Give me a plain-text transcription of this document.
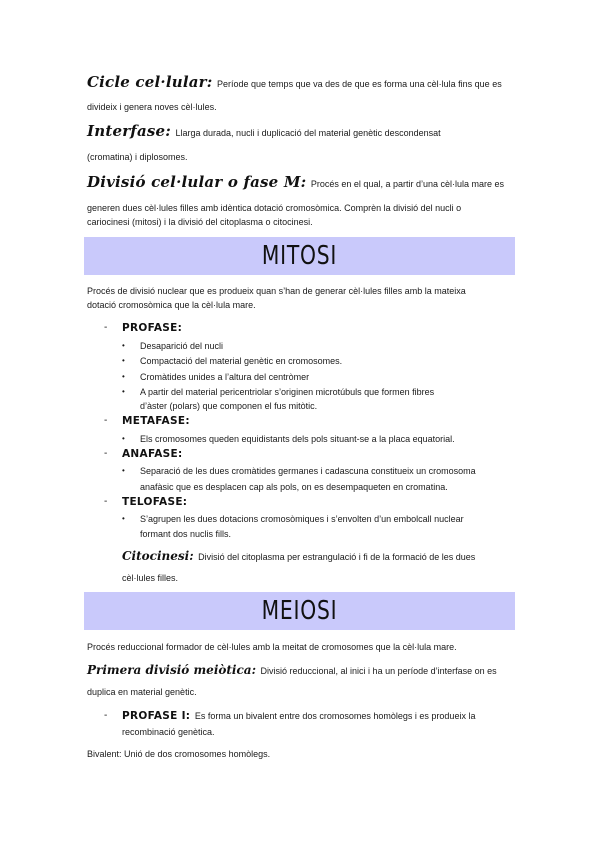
Cicle cel·lular: Període que temps que va des de que es forma una cèl·lula fins que es
divideix i genera noves cèl·lules.
Interfase: Llarga durada, nucli i duplicació del material genètic descondensat
(cromatina) i diplosomes.
Divisió cel·lular o fase M: Procés en el qual, a partir d’una cèl·lula mare es
generen dues cèl·lules filles amb idèntica dotació cromosòmica. Comprèn la divisió del nucli o
cariocinesi (mitosi) i la divisió del citoplasma o citocinesi.
MITOSI
Procés de divisió nuclear que es produeix quan s’han de generar cèl·lules filles amb la mateixa
dotació cromosòmica que la cèl·lula mare.
- PROFASE:
• Desaparició del nucli
• Compactació del material genètic en cromosomes.
• Cromàtides unides a l’altura del centròmer
• A partir del material pericentriolar s’originen microtúbuls que formen fibres
d’àster (polars) que componen el fus mitòtic.
- METAFASE:
• Els cromosomes queden equidistants dels pols situant-se a la placa equatorial.
- ANAFASE:
• Separació de les dues cromàtides germanes i cadascuna constitueix un cromosoma
anafàsic que es desplacen cap als pols, on es desempaqueten en cromatina.
- TELOFASE:
• S’agrupen les dues dotacions cromosòmiques i s’envolten d’un embolcall nuclear
formant dos nuclis fills.
Citocinesi: Divisió del citoplasma per estrangulació i fi de la formació de les dues
cèl·lules filles.
MEIOSI
Procés reduccional formador de cèl·lules amb la meitat de cromosomes que la cèl·lula mare.
Primera divisió meiòtica: Divisió reduccional, al inici i ha un període d’interfase on es
duplica en material genètic.
- PROFASE I: Es forma un bivalent entre dos cromosomes homòlegs i es produeix la
recombinació genètica.
Bivalent: Unió de dos cromosomes homòlegs.
